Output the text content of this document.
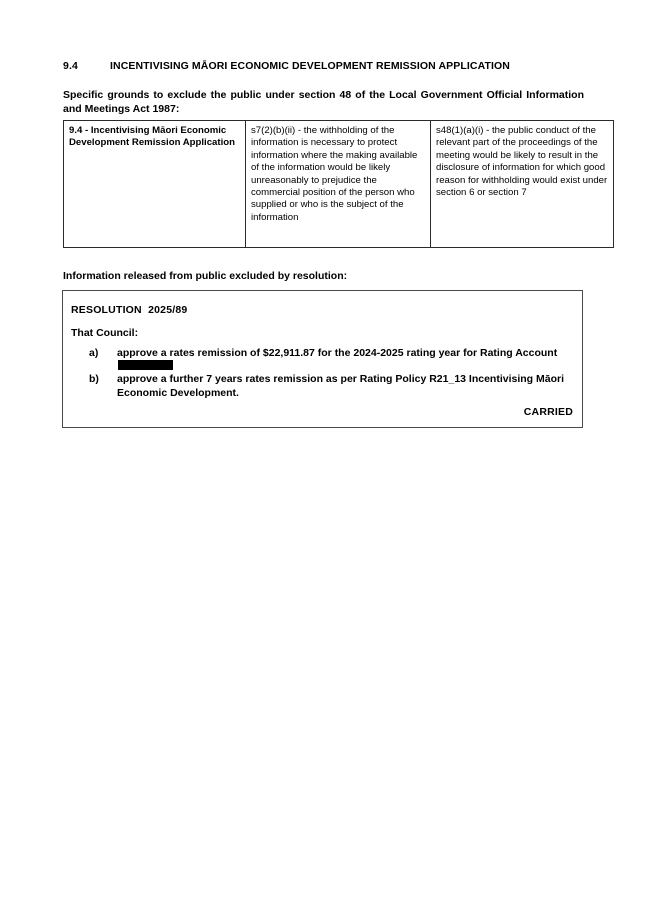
9.4	INCENTIVISING MĀORI ECONOMIC DEVELOPMENT REMISSION APPLICATION
Specific grounds to exclude the public under section 48 of the Local Government Official Information and Meetings Act 1987:
9.4 - Incentivising Māori Economic Development Remission Application	s7(2)(b)(ii) - the withholding of the information is necessary to protect information where the making available of the information would be likely unreasonably to prejudice the commercial position of the person who supplied or who is the subject of the information	s48(1)(a)(i) - the public conduct of the relevant part of the proceedings of the meeting would be likely to result in the disclosure of information for which good reason for withholding would exist under section 6 or section 7
Information released from public excluded by resolution:
RESOLUTION  2025/89
That Council:
a) approve a rates remission of $22,911.87 for the 2024-2025 rating year for Rating Account
b) approve a further 7 years rates remission as per Rating Policy R21_13 Incentivising Māori Economic Development.
CARRIED
